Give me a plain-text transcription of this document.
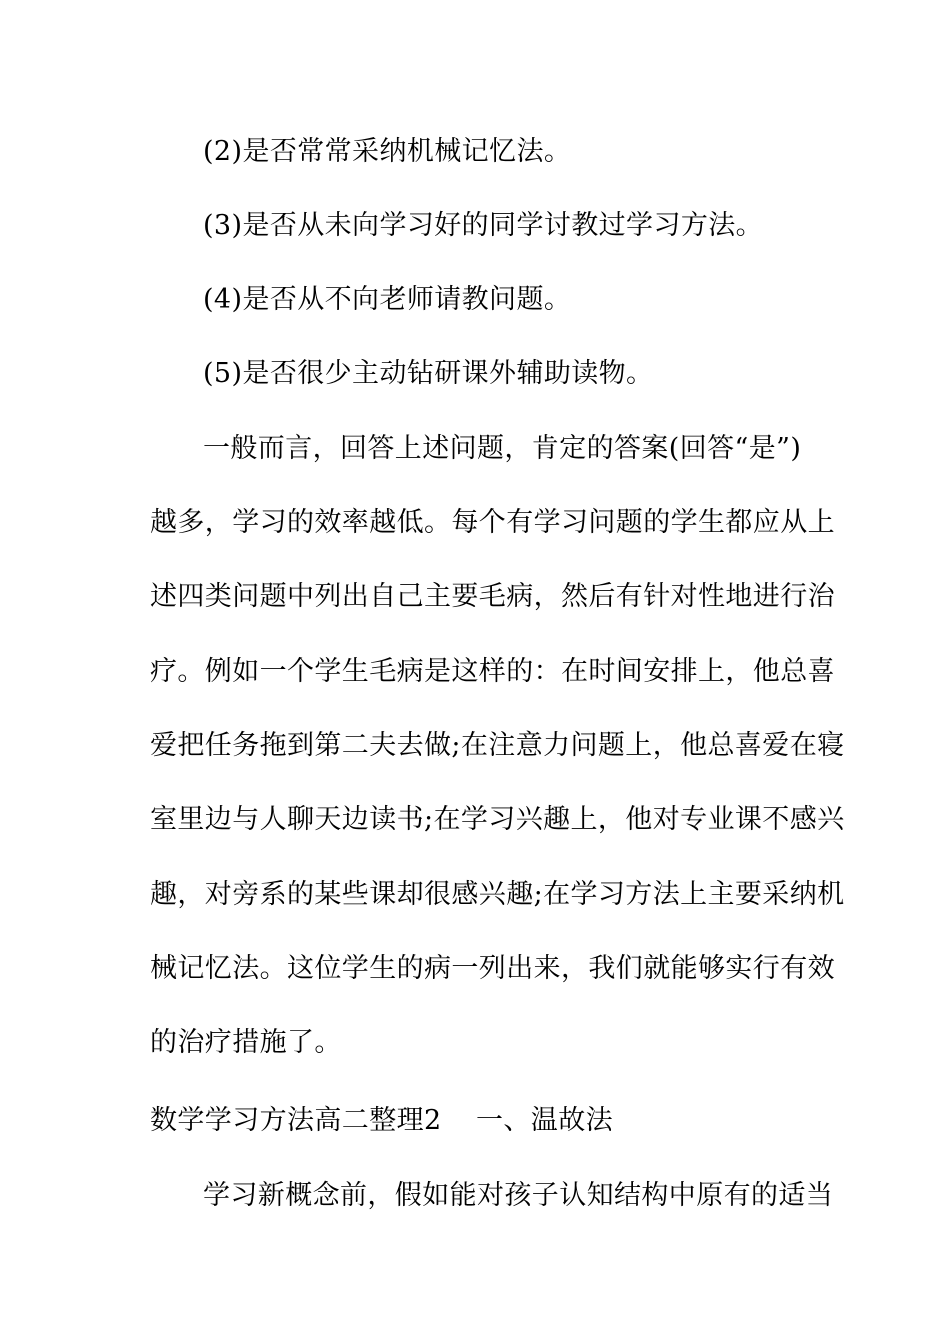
(2)是否常常采纳机械记忆法。
(3)是否从未向学习好的同学讨教过学习方法。
(4)是否从不向老师请教问题。
(5)是否很少主动钻研课外辅助读物。
一般而言，回答上述问题，肯定的答案(回答“是”)
越多，学习的效率越低。每个有学习问题的学生都应从上
述四类问题中列出自己主要毛病，然后有针对性地进行治
疗。例如一个学生毛病是这样的：在时间安排上，他总喜
爱把任务拖到第二夫去做;在注意力问题上，他总喜爱在寝
室里边与人聊天边读书;在学习兴趣上，他对专业课不感兴
趣，对旁系的某些课却很感兴趣;在学习方法上主要采纳机
械记忆法。这位学生的病一列出来，我们就能够实行有效
的治疗措施了。
数学学习方法高二整理2 一、温故法
学习新概念前，假如能对孩子认知结构中原有的适当
